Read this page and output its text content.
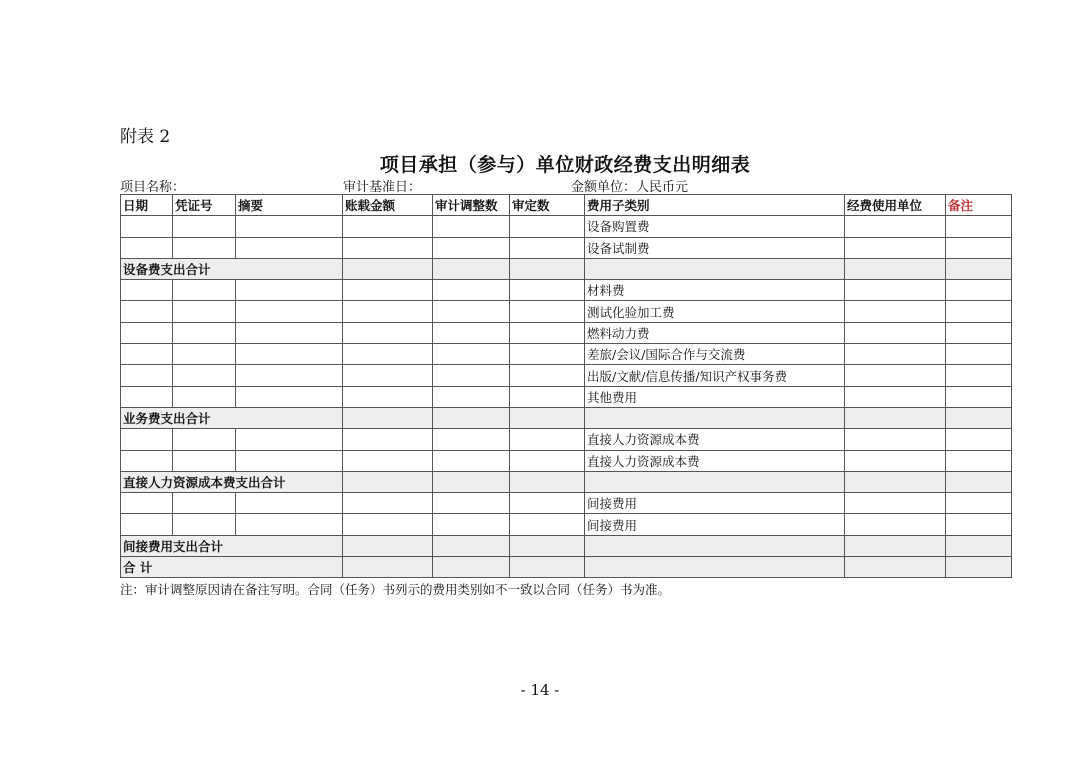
附表 2
项目承担（参与）单位财政经费支出明细表
项目名称：	审计基准日：	金额单位：人民币元
日期	凭证号	摘要	账载金额	审计调整数	审定数	费用子类别	经费使用单位	备注
						设备购置费		
						设备试制费		
设备费支出合计								
						材料费		
						测试化验加工费		
						燃料动力费		
						差旅/会议/国际合作与交流费		
						出版/文献/信息传播/知识产权事务费		
						其他费用		
业务费支出合计								
						直接人力资源成本费		
						直接人力资源成本费		
直接人力资源成本费支出合计								
						间接费用		
						间接费用		
间接费用支出合计								
合 计								
注：审计调整原因请在备注写明。合同（任务）书列示的费用类别如不一致以合同（任务）书为准。
- 14 -
